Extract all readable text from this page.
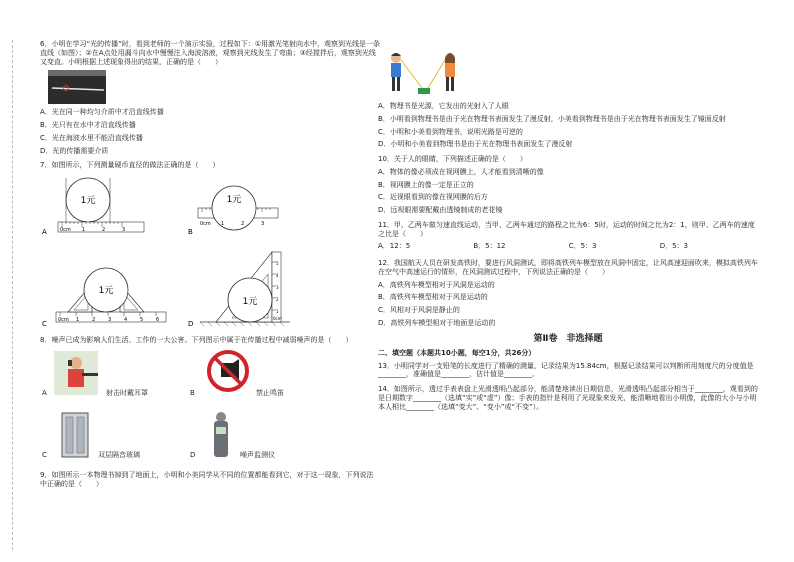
6．小明在学习“光的传播”时，看到老师的一个演示实验，过程如下：①用激光笔射向水中，观察到光线是一条直线（如图）；②在A点处用漏斗向水中慢慢注入海波溶液，观察到光线发生了弯曲；③经搅拌后，观察到光线又变直。小明根据上述现象得出的结果，正确的是（　　）

A．光在同一种均匀介质中才沿直线传播

B．光只有在水中才沿直线传播

C．光在海波水里不能沿直线传播

D．光的传播需要介质

7．如图所示，下列测量硬币直径的做法正确的是（　　）

A
1元
0cm 1	2	3	B
1元
0cm 1	2	3
C
1元
0cm 1	2	3	4	5	6	D
1元
5
4
3
2
1
0cm

8．噪声已成为影响人们生活、工作的一大公害。下列图示中属于在传播过程中减弱噪声的是（　　）

A	射击时戴耳罩	B	禁止鸣笛
C	双层隔音玻璃	D	噪声监测仪

9．如图所示一本物理书掉到了地面上，小明和小美同学从不同的位置都能看到它，对于这一现象，下列说法中正确的是（　　）

A．物理书是光源，它发出的光射入了人眼

B．小明看到物理书是由于光在物理书表面发生了漫反射，小美看到物理书是由于光在物理书表面发生了镜面反射

C．小明和小美看到物理书，说明光路是可逆的

D．小明和小美看到物理书是由于光在物理书表面发生了漫反射

10．关于人的眼睛，下列描述正确的是（　　）

A．物体的像必须成在视网膜上，人才能看到清晰的像

B．视网膜上的像一定是正立的

C．近视眼看到的像在视网膜的后方

D．远视眼需要配戴由透镜制成的老花镜

11．甲、乙两车做匀速直线运动，当甲、乙两车通过的路程之比为6：5时，运动的时间之比为2：1，则甲、乙两车的速度之比是（　　）

A．12：5	B．5：12	C．5：3	D．5：3

12．我国航天人员在研发高铁时，要进行风洞测试，即将高铁列车模型放在风洞中固定，让风高速迎面吹来，模拟高铁列车在空气中高速运行的情形，在风洞测试过程中，下列说法正确的是（　　）

A．高铁列车模型相对于风洞是运动的

B．高铁列车模型相对于风是运动的

C．风相对于风洞是静止的

D．高铁列车模型相对于地面是运动的

第Ⅱ卷　非选择题

二、填空题（本题共10小题，每空1分，共26分）

13．小明同学对一支铅笔的长度进行了精确的测量，记录结果为15.84cm，根据记录结果可以判断所用刻度尺的分度值是________，准确值是________，估计值是________。

14．如图所示，透过手表表盘上光滑透明凸起部分，能清楚地读出日期信息，光滑透明凸起部分相当于________，观看到的是日期数字________（选填“实”或“虚”）像；手表的指针是利用了光现象来发光，能清晰地看出小明像，此像的大小与小明本人相比________（选填“变大”、“变小”或“不变”）。
